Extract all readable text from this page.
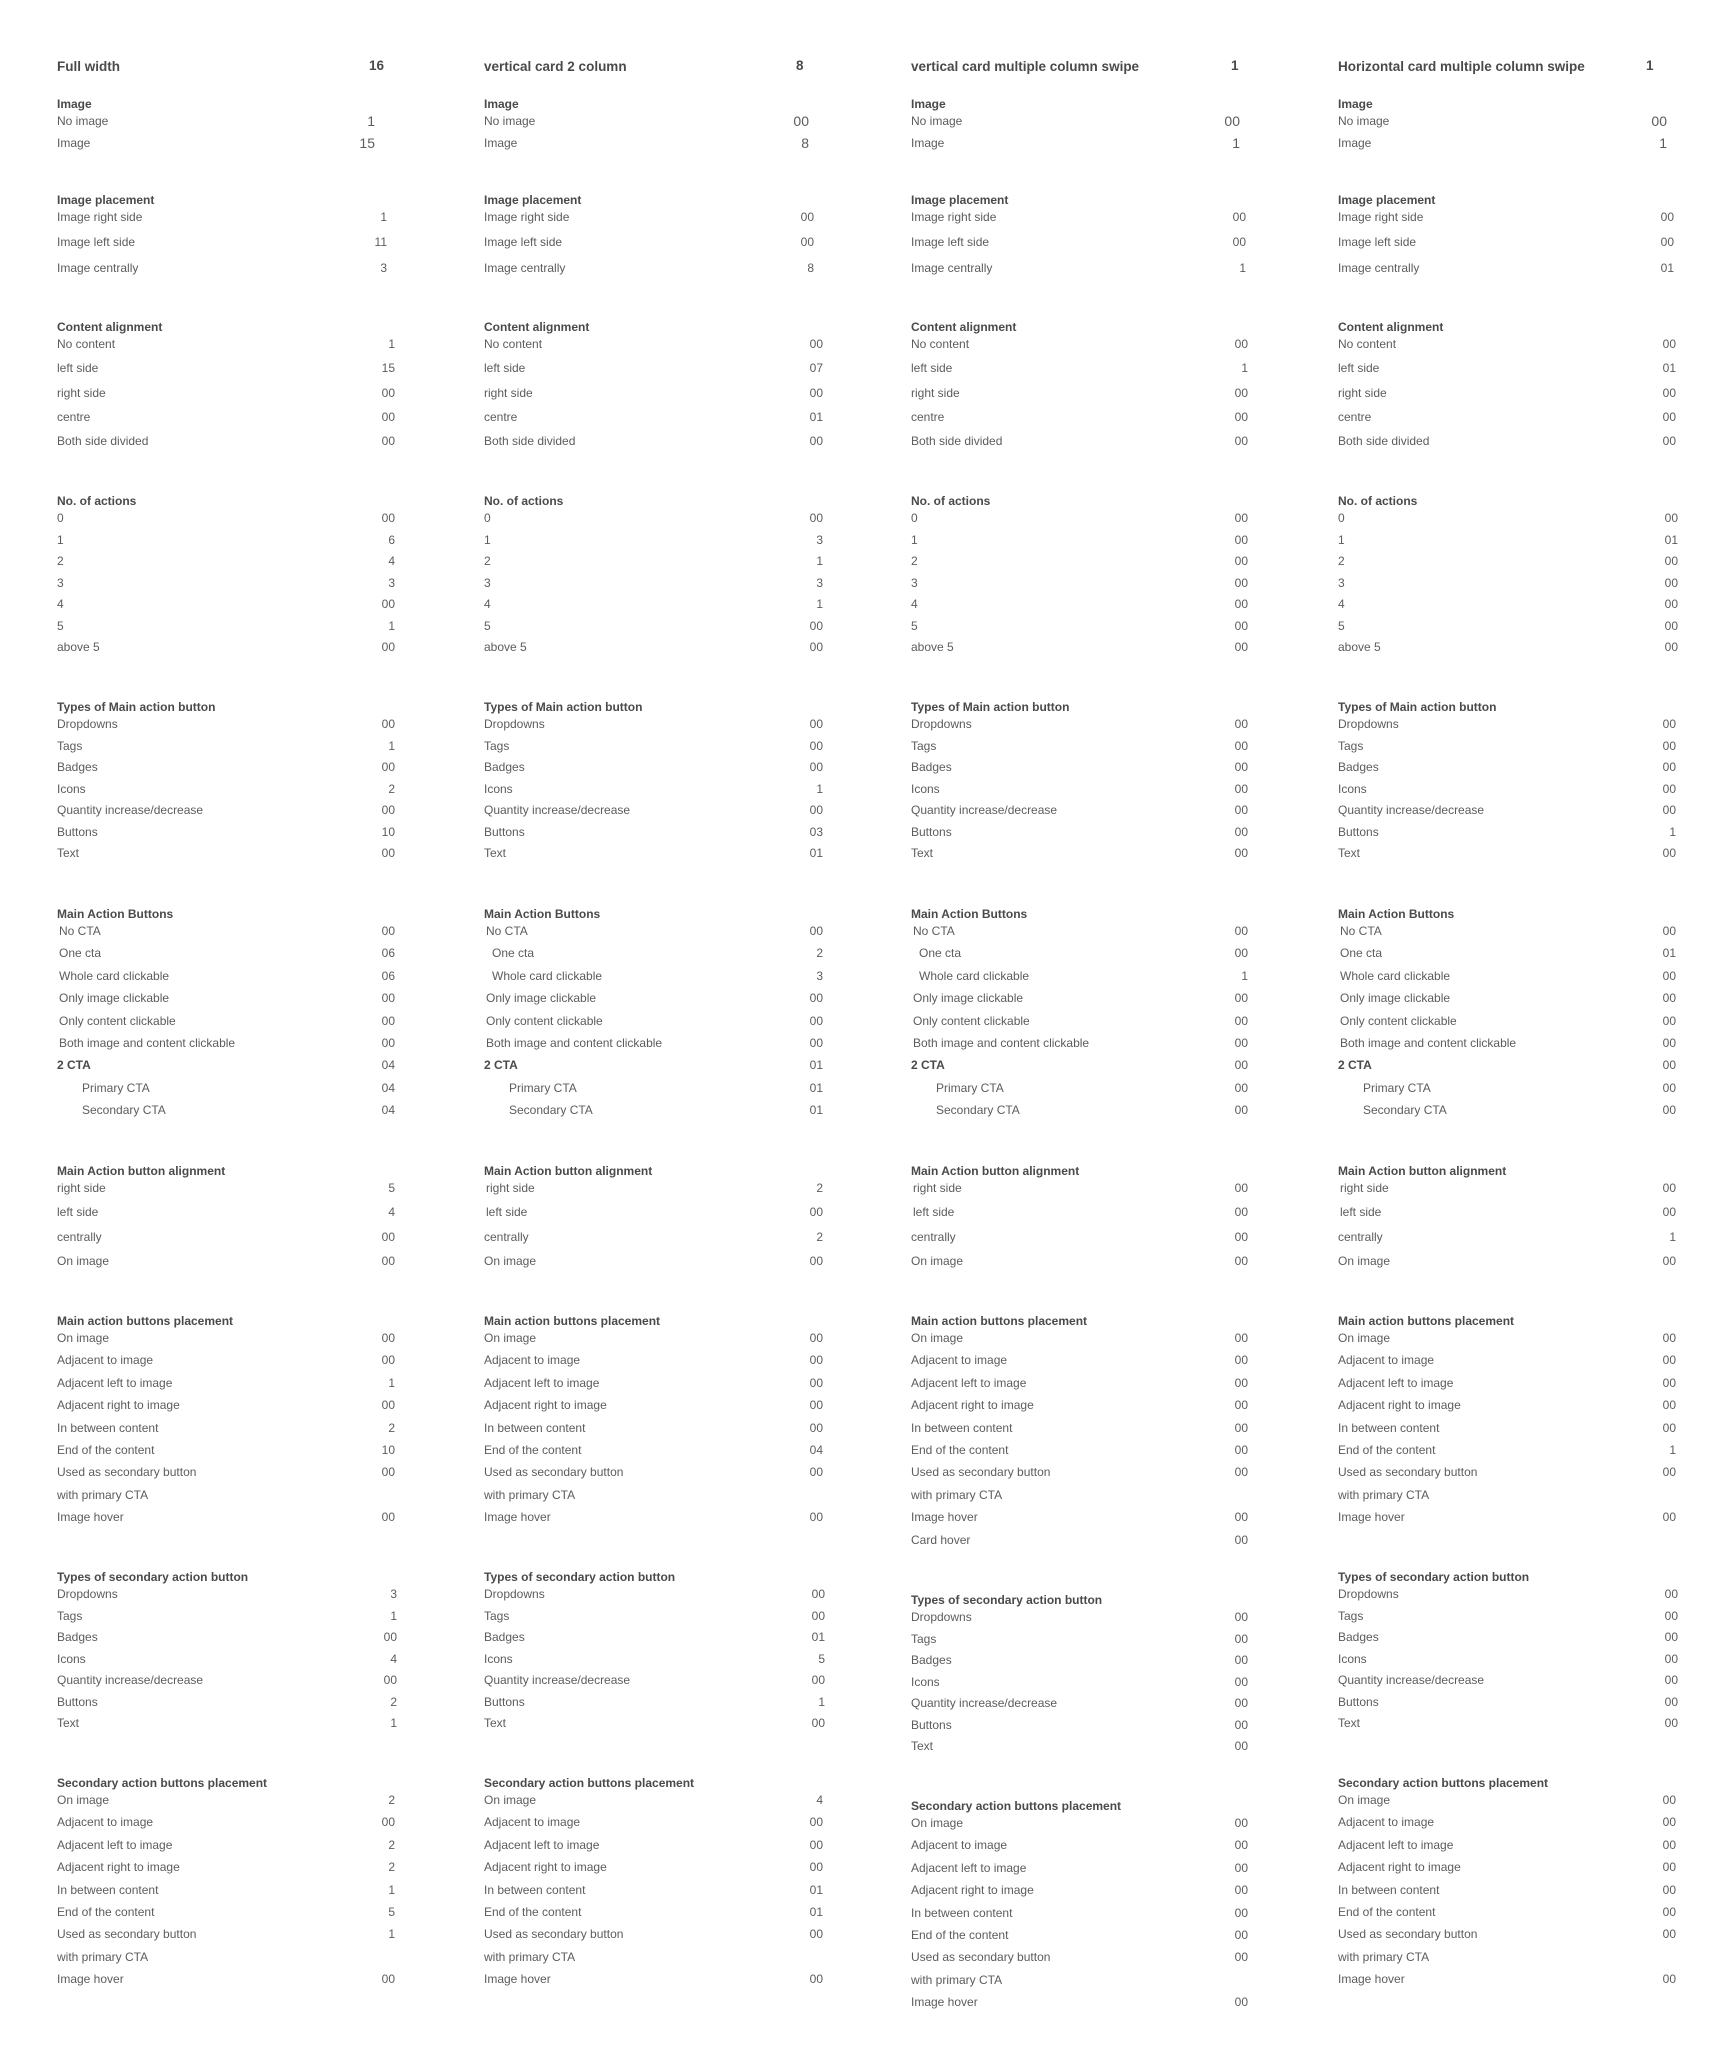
Full width	16
Image
No image	1
Image	15
Image placement
Image right side	1
Image left side	11
Image centrally	3
Content alignment
No content	1
left side	15
right side	00
centre	00
Both side divided	00
No. of actions
0	00
1	6
2	4
3	3
4	00
5	1
above 5	00
Types of Main action button
Dropdowns	00
Tags	1
Badges	00
Icons	2
Quantity increase/decrease	00
Buttons	10
Text	00
Main Action Buttons
No CTA	00
One cta	06
Whole card clickable	06
Only image clickable	00
Only content clickable	00
Both image and content clickable	00
2 CTA	04
Primary CTA	04
Secondary CTA	04
Main Action button alignment
right side	5
left side	4
centrally	00
On image	00
Main action buttons placement
On image	00
Adjacent to image	00
Adjacent left to image	1
Adjacent right to image	00
In between content	2
End of the content	10
Used as secondary button	00
with primary CTA
Image hover	00
Types of secondary action button
Dropdowns	3
Tags	1
Badges	00
Icons	4
Quantity increase/decrease	00
Buttons	2
Text	1
Secondary action buttons placement
On image	2
Adjacent to image	00
Adjacent left to image	2
Adjacent right to image	2
In between content	1
End of the content	5
Used as secondary button	1
with primary CTA
Image hover	00
vertical card 2 column	8
Image
No image	00
Image	8
Image placement
Image right side	00
Image left side	00
Image centrally	8
Content alignment
No content	00
left side	07
right side	00
centre	01
Both side divided	00
No. of actions
0	00
1	3
2	1
3	3
4	1
5	00
above 5	00
Types of Main action button
Dropdowns	00
Tags	00
Badges	00
Icons	1
Quantity increase/decrease	00
Buttons	03
Text	01
Main Action Buttons
No CTA	00
One cta	2
Whole card clickable	3
Only image clickable	00
Only content clickable	00
Both image and content clickable	00
2 CTA	01
Primary CTA	01
Secondary CTA	01
Main Action button alignment
right side	2
left side	00
centrally	2
On image	00
Main action buttons placement
On image	00
Adjacent to image	00
Adjacent left to image	00
Adjacent right to image	00
In between content	00
End of the content	04
Used as secondary button	00
with primary CTA
Image hover	00
Types of secondary action button
Dropdowns	00
Tags	00
Badges	01
Icons	5
Quantity increase/decrease	00
Buttons	1
Text	00
Secondary action buttons placement
On image	4
Adjacent to image	00
Adjacent left to image	00
Adjacent right to image	00
In between content	01
End of the content	01
Used as secondary button	00
with primary CTA
Image hover	00
vertical card multiple column swipe	1
Image
No image	00
Image	1
Image placement
Image right side	00
Image left side	00
Image centrally	1
Content alignment
No content	00
left side	1
right side	00
centre	00
Both side divided	00
No. of actions
0	00
1	00
2	00
3	00
4	00
5	00
above 5	00
Types of Main action button
Dropdowns	00
Tags	00
Badges	00
Icons	00
Quantity increase/decrease	00
Buttons	00
Text	00
Main Action Buttons
No CTA	00
One cta	00
Whole card clickable	1
Only image clickable	00
Only content clickable	00
Both image and content clickable	00
2 CTA	00
Primary CTA	00
Secondary CTA	00
Main Action button alignment
right side	00
left side	00
centrally	00
On image	00
Main action buttons placement
On image	00
Adjacent to image	00
Adjacent left to image	00
Adjacent right to image	00
In between content	00
End of the content	00
Used as secondary button	00
with primary CTA
Image hover	00
Card hover	00
Types of secondary action button
Dropdowns	00
Tags	00
Badges	00
Icons	00
Quantity increase/decrease	00
Buttons	00
Text	00
Secondary action buttons placement
On image	00
Adjacent to image	00
Adjacent left to image	00
Adjacent right to image	00
In between content	00
End of the content	00
Used as secondary button	00
with primary CTA
Image hover	00
Horizontal card multiple column swipe	1
Image
No image	00
Image	1
Image placement
Image right side	00
Image left side	00
Image centrally	01
Content alignment
No content	00
left side	01
right side	00
centre	00
Both side divided	00
No. of actions
0	00
1	01
2	00
3	00
4	00
5	00
above 5	00
Types of Main action button
Dropdowns	00
Tags	00
Badges	00
Icons	00
Quantity increase/decrease	00
Buttons	1
Text	00
Main Action Buttons
No CTA	00
One cta	01
Whole card clickable	00
Only image clickable	00
Only content clickable	00
Both image and content clickable	00
2 CTA	00
Primary CTA	00
Secondary CTA	00
Main Action button alignment
right side	00
left side	00
centrally	1
On image	00
Main action buttons placement
On image	00
Adjacent to image	00
Adjacent left to image	00
Adjacent right to image	00
In between content	00
End of the content	1
Used as secondary button	00
with primary CTA
Image hover	00
Types of secondary action button
Dropdowns	00
Tags	00
Badges	00
Icons	00
Quantity increase/decrease	00
Buttons	00
Text	00
Secondary action buttons placement
On image	00
Adjacent to image	00
Adjacent left to image	00
Adjacent right to image	00
In between content	00
End of the content	00
Used as secondary button	00
with primary CTA
Image hover	00
